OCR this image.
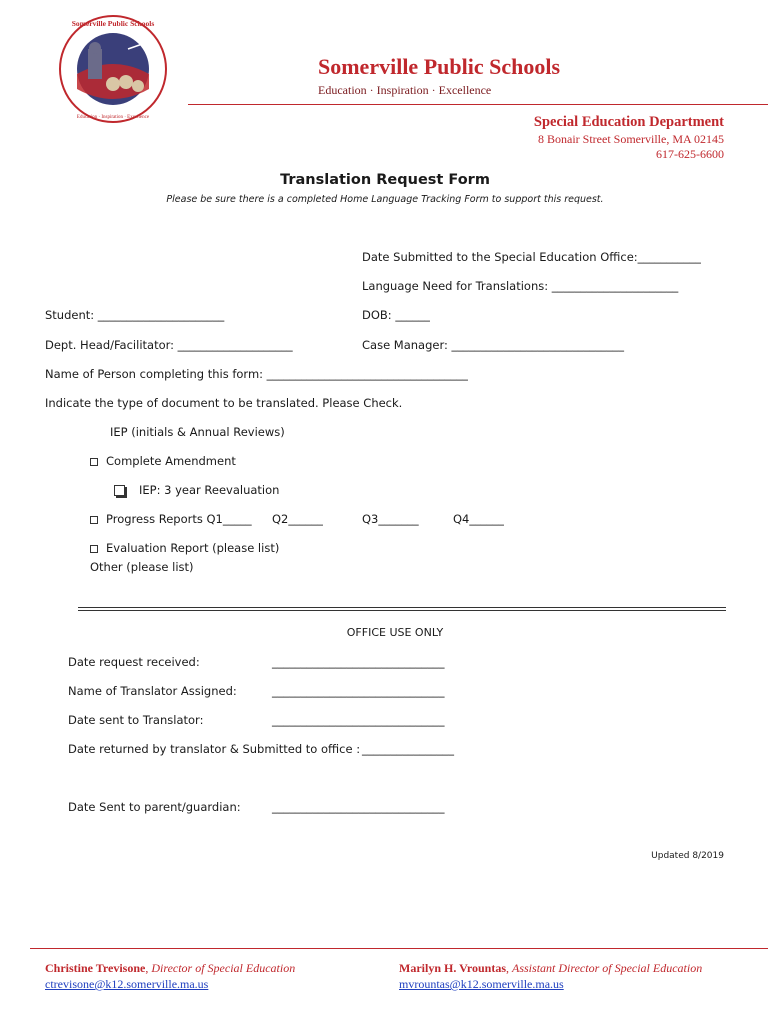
Somerville Public Schools
Education · Inspiration · Excellence
Somerville Public Schools
Education · Inspiration · Excellence
Special Education Department
8 Bonair Street Somerville, MA 02145
617-625-6600
Translation Request Form
Please be sure there is a completed Home Language Tracking Form to support this request.
Date Submitted to the Special Education Office:___________
Language Need for Translations: ______________________
Student: ______________________	DOB: ______
Dept. Head/Facilitator: ____________________	Case Manager: ______________________________
Name of Person completing this form: ___________________________________
Indicate the type of document to be translated. Please Check.
IEP (initials & Annual Reviews)
Complete Amendment
IEP: 3 year Reevaluation
Progress Reports Q1_____ Q2______	Q3_______	Q4______
Evaluation Report (please list)
Other (please list)
OFFICE USE ONLY
Date request received:	______________________________
Name of Translator Assigned:	______________________________
Date sent to Translator:	______________________________
Date returned by translator & Submitted to office : ________________
Date Sent to parent/guardian:	______________________________
Updated 8/2019
Christine Trevisone, Director of Special Education
ctrevisone@k12.somerville.ma.us
Marilyn H. Vrountas, Assistant Director of Special Education
mvrountas@k12.somerville.ma.us
